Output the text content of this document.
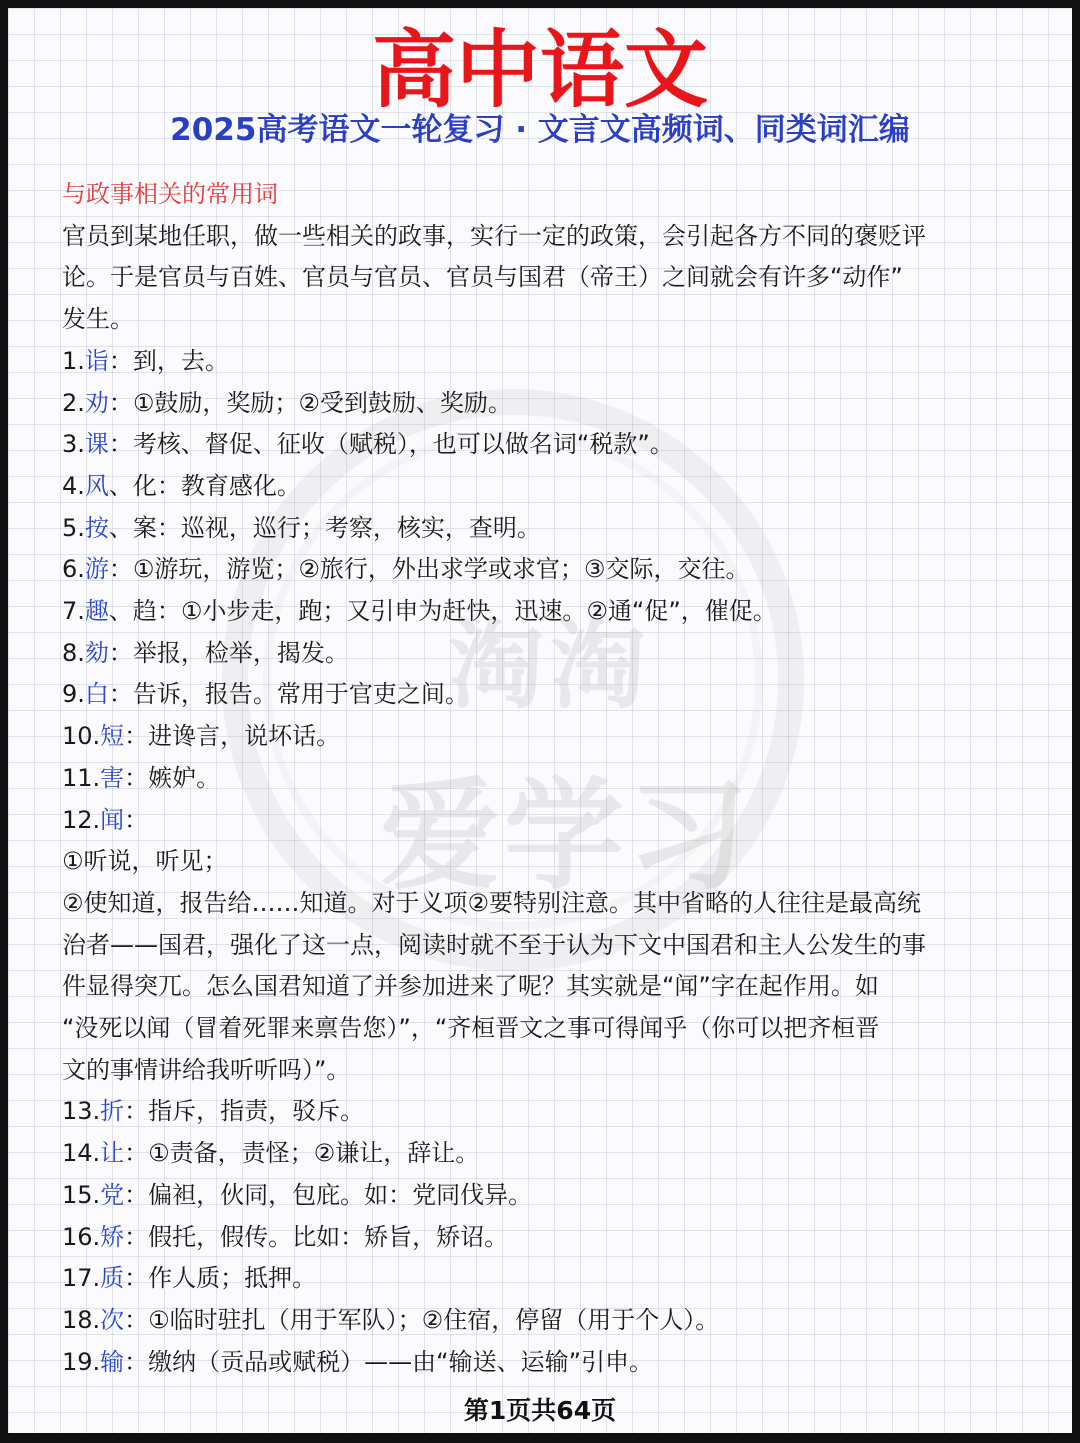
淘淘
爱学习
高中语文
2025高考语文一轮复习 · 文言文高频词、同类词汇编
与政事相关的常用词
官员到某地任职，做一些相关的政事，实行一定的政策，会引起各方不同的褒贬评
论。于是官员与百姓、官员与官员、官员与国君（帝王）之间就会有许多“动作”
发生。
1.诣：到，去。
2.劝：①鼓励，奖励；②受到鼓励、奖励。
3.课：考核、督促、征收（赋税），也可以做名词“税款”。
4.风、化：教育感化。
5.按、案：巡视，巡行；考察，核实，查明。
6.游：①游玩，游览；②旅行，外出求学或求官；③交际，交往。
7.趣、趋：①小步走，跑；又引申为赶快，迅速。②通“促”，催促。
8.劾：举报，检举，揭发。
9.白：告诉，报告。常用于官吏之间。
10.短：进谗言，说坏话。
11.害：嫉妒。
12.闻：
①听说，听见；
②使知道，报告给……知道。对于义项②要特别注意。其中省略的人往往是最高统
治者——国君，强化了这一点，阅读时就不至于认为下文中国君和主人公发生的事
件显得突兀。怎么国君知道了并参加进来了呢？其实就是“闻”字在起作用。如
“没死以闻（冒着死罪来禀告您）”，“齐桓晋文之事可得闻乎（你可以把齐桓晋
文的事情讲给我听听吗）”。
13.折：指斥，指责，驳斥。
14.让：①责备，责怪；②谦让，辞让。
15.党：偏袒，伙同，包庇。如：党同伐异。
16.矫：假托，假传。比如：矫旨，矫诏。
17.质：作人质；抵押。
18.次：①临时驻扎（用于军队）；②住宿，停留（用于个人）。
19.输：缴纳（贡品或赋税）——由“输送、运输”引申。
第1页共64页
